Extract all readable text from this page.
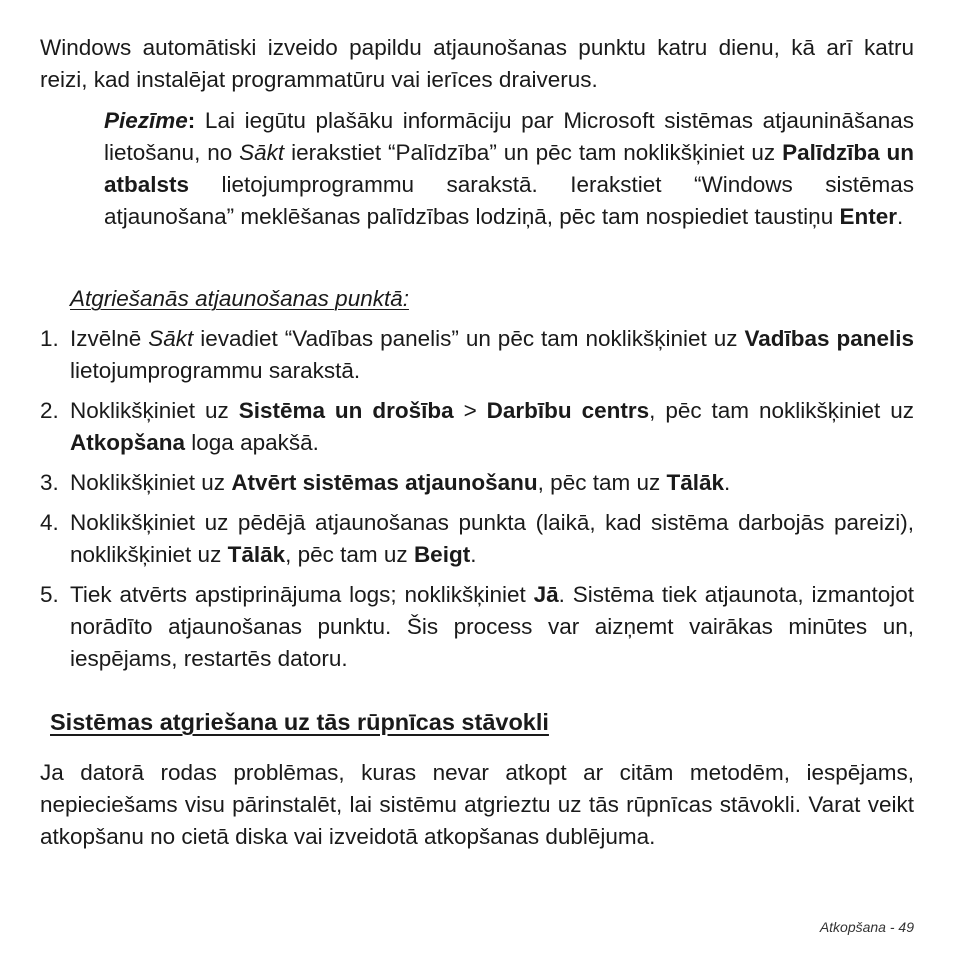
Windows automātiski izveido papildu atjaunošanas punktu katru dienu, kā arī katru reizi, kad instalējat programmatūru vai ierīces draiverus.

Piezīme: Lai iegūtu plašāku informāciju par Microsoft sistēmas atjaunināšanas lietošanu, no Sākt ierakstiet “Palīdzība” un pēc tam noklikšķiniet uz Palīdzība un atbalsts lietojumprogrammu sarakstā. Ierakstiet “Windows sistēmas atjaunošana” meklēšanas palīdzības lodziņā, pēc tam nospiediet taustiņu Enter.

Atgriešanās atjaunošanas punktā:
1. Izvēlnē Sākt ievadiet “Vadības panelis” un pēc tam noklikšķiniet uz Vadības panelis lietojumprogrammu sarakstā.
2. Noklikšķiniet uz Sistēma un drošība > Darbību centrs, pēc tam noklikšķiniet uz Atkopšana loga apakšā.
3. Noklikšķiniet uz Atvērt sistēmas atjaunošanu, pēc tam uz Tālāk.
4. Noklikšķiniet uz pēdējā atjaunošanas punkta (laikā, kad sistēma darbojās pareizi), noklikšķiniet uz Tālāk, pēc tam uz Beigt.
5. Tiek atvērts apstiprinājuma logs; noklikšķiniet Jā. Sistēma tiek atjaunota, izmantojot norādīto atjaunošanas punktu. Šis process var aizņemt vairākas minūtes un, iespējams, restartēs datoru.
Sistēmas atgriešana uz tās rūpnīcas stāvokli

Ja datorā rodas problēmas, kuras nevar atkopt ar citām metodēm, iespējams, nepieciešams visu pārinstalēt, lai sistēmu atgrieztu uz tās rūpnīcas stāvokli. Varat veikt atkopšanu no cietā diska vai izveidotā atkopšanas dublējuma.

Atkopšana - 49
